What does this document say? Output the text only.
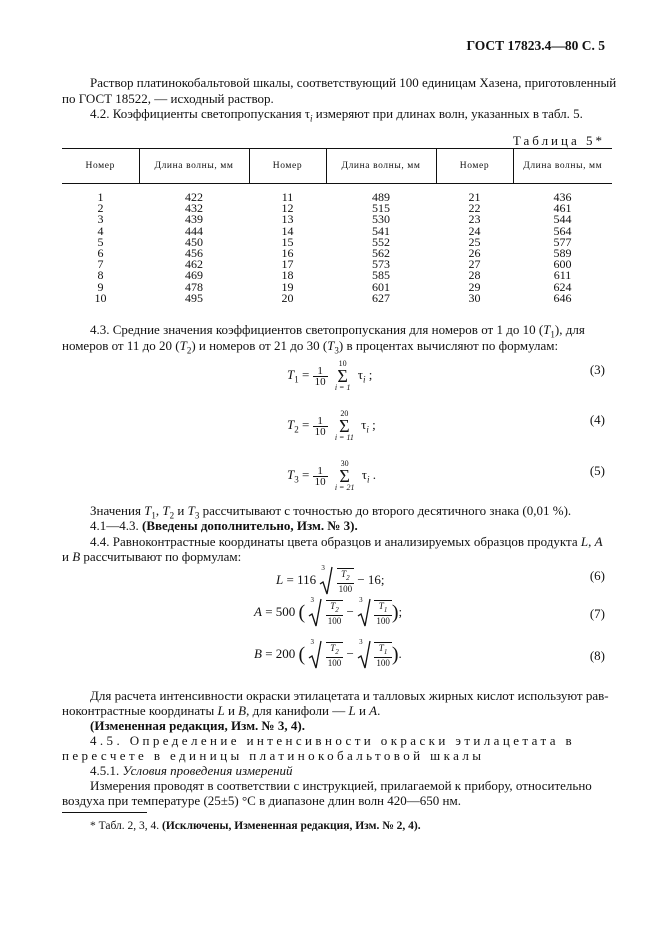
ГОСТ 17823.4—80 С. 5
Раствор платинокобальтовой шкалы, соответствующий 100 единицам Хазена, приготовленный
по ГОСТ 18522, — исходный раствор.
4.2. Коэффициенты светопропускания $\tau_i$ измеряют при длинах волн, указанных в табл. 5.
Таблица 5*
Номер	Длина волны, мм	Номер	Длина волны, мм	Номер	Длина волны, мм
1	422	11	489	21	436
2	432	12	515	22	461
3	439	13	530	23	544
4	444	14	541	24	564
5	450	15	552	25	577
6	456	16	562	26	589
7	462	17	573	27	600
8	469	18	585	28	611
9	478	19	601	29	624
10	495	20	627	30	646
4.3. Средние значения коэффициентов светопропускания для номеров от 1 до 10 $(T_1)$, для
номеров от 11 до 20 $(T_2)$ и номеров от 21 до 30 $(T_3)$ в процентах вычисляют по формулам:
$T_1 = \frac{1}{10}$
10
Σ
i = 1 $\tau_i$ ;	(3)
$T_2 = \frac{1}{10}$
20
Σ
i = 11 $\tau_i$ ;	(4)
$T_3 = \frac{1}{10}$
30
Σ
i = 21 $\tau_i$ .	(5)
Значения $T_1$, $T_2$ и $T_3$ рассчитывают с точностью до второго десятичного знака (0,01 %).
4.1—4.3. (Введены дополнительно, Изм. № 3).
4.4. Равноконтрастные координаты цвета образцов и анализируемых образцов продукта L, A
и B рассчитывают по формулам:
L = 116
3

$\frac{T_2}{100} - 16$;	(6)
A = 500 (
3

$\frac{T_2}{100}$ −
3

$\frac{T_1}{100}$ );	(7)
B = 200 (
3

$\frac{T_2}{100}$ −
3

$\frac{T_1}{100}$ ).	(8)
Для расчета интенсивности окраски этилацетата и талловых жирных кислот используют рав-
ноконтрастные координаты L и B, для канифоли — L и A.
(Измененная редакция, Изм. № 3, 4).
4.5. Определение интенсивности окраски этилацетата в
пересчете в единицы платинокобальтовой шкалы
4.5.1. Условия проведения измерений
Измерения проводят в соответствии с инструкцией, прилагаемой к прибору, относительно
воздуха при температуре (25±5) °С в диапазоне длин волн 420—650 нм.
* Табл. 2, 3, 4. (Исключены, Измененная редакция, Изм. № 2, 4).
